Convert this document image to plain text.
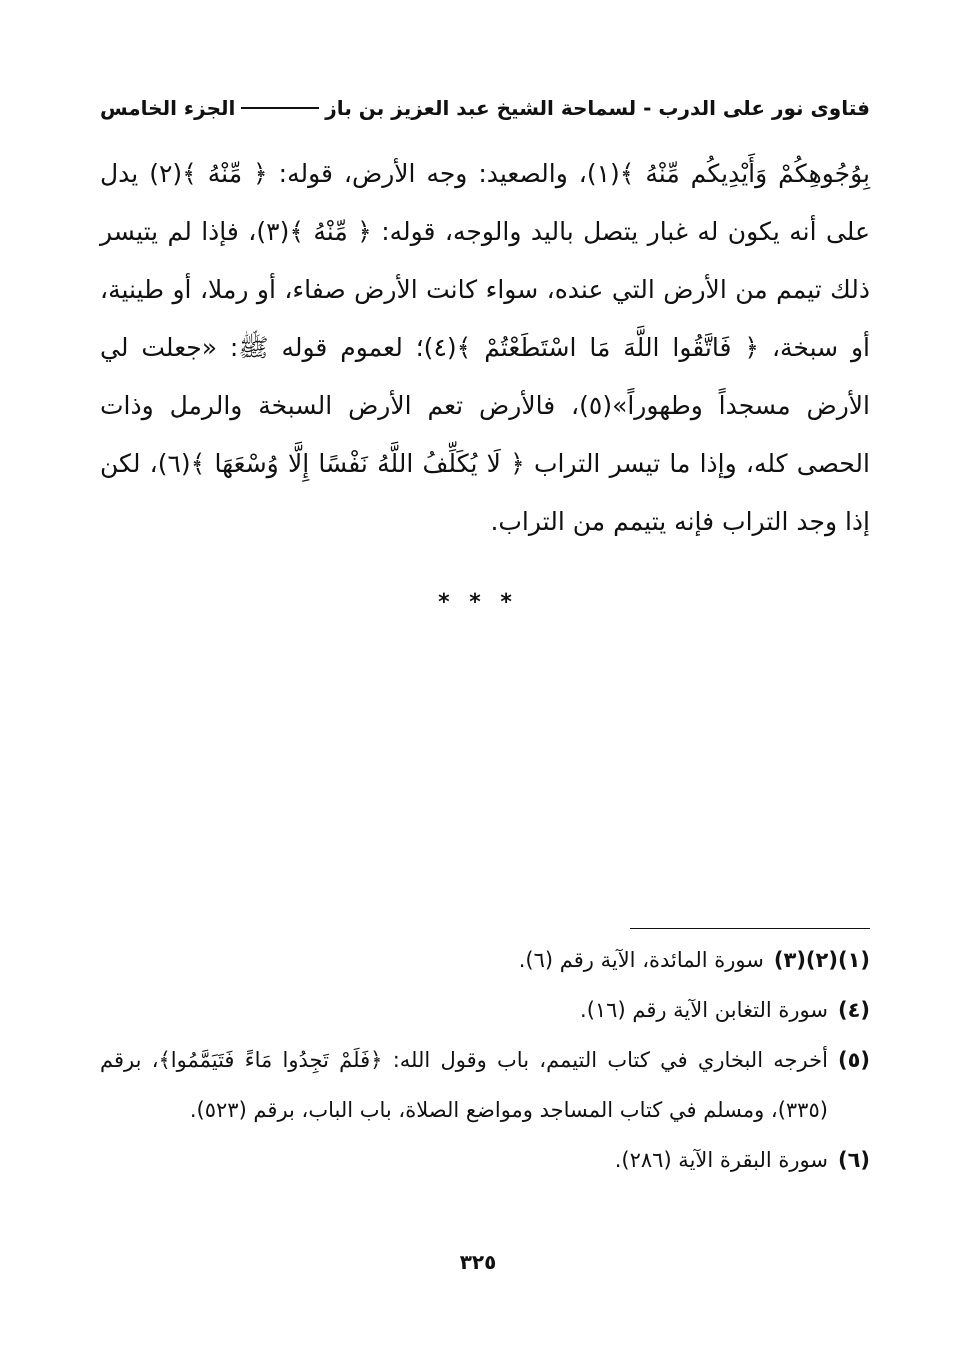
فتاوى نور على الدرب - لسماحة الشيخ عبد العزيز بن باز
الجزء الخامس
بِوُجُوهِكُمْ وَأَيْدِيكُم مِّنْهُ ﴾(١)، والصعيد: وجه الأرض، قوله: ﴿ مِّنْهُ ﴾(٢) يدل على أنه يكون له غبار يتصل باليد والوجه، قوله: ﴿ مِّنْهُ ﴾(٣)، فإذا لم يتيسر ذلك تيمم من الأرض التي عنده، سواء كانت الأرض صفاء، أو رملا، أو طينية، أو سبخة، ﴿ فَاتَّقُوا اللَّهَ مَا اسْتَطَعْتُمْ ﴾(٤)؛ لعموم قوله ﷺ: «جعلت لي الأرض مسجداً وطهوراً»(٥)، فالأرض تعم الأرض السبخة والرمل وذات الحصى كله، وإذا ما تيسر التراب ﴿ لَا يُكَلِّفُ اللَّهُ نَفْسًا إِلَّا وُسْعَهَا ﴾(٦)، لكن إذا وجد التراب فإنه يتيمم من التراب.
* * *
(١)(٢)(٣)
سورة المائدة، الآية رقم (٦).
(٤)
سورة التغابن الآية رقم (١٦).
(٥)
أخرجه البخاري في كتاب التيمم، باب وقول الله: ﴿فَلَمْ تَجِدُوا مَاءً فَتَيَمَّمُوا﴾، برقم (٣٣٥)، ومسلم في كتاب المساجد ومواضع الصلاة، باب الباب، برقم (٥٢٣).
(٦)
سورة البقرة الآية (٢٨٦).
٣٢٥
